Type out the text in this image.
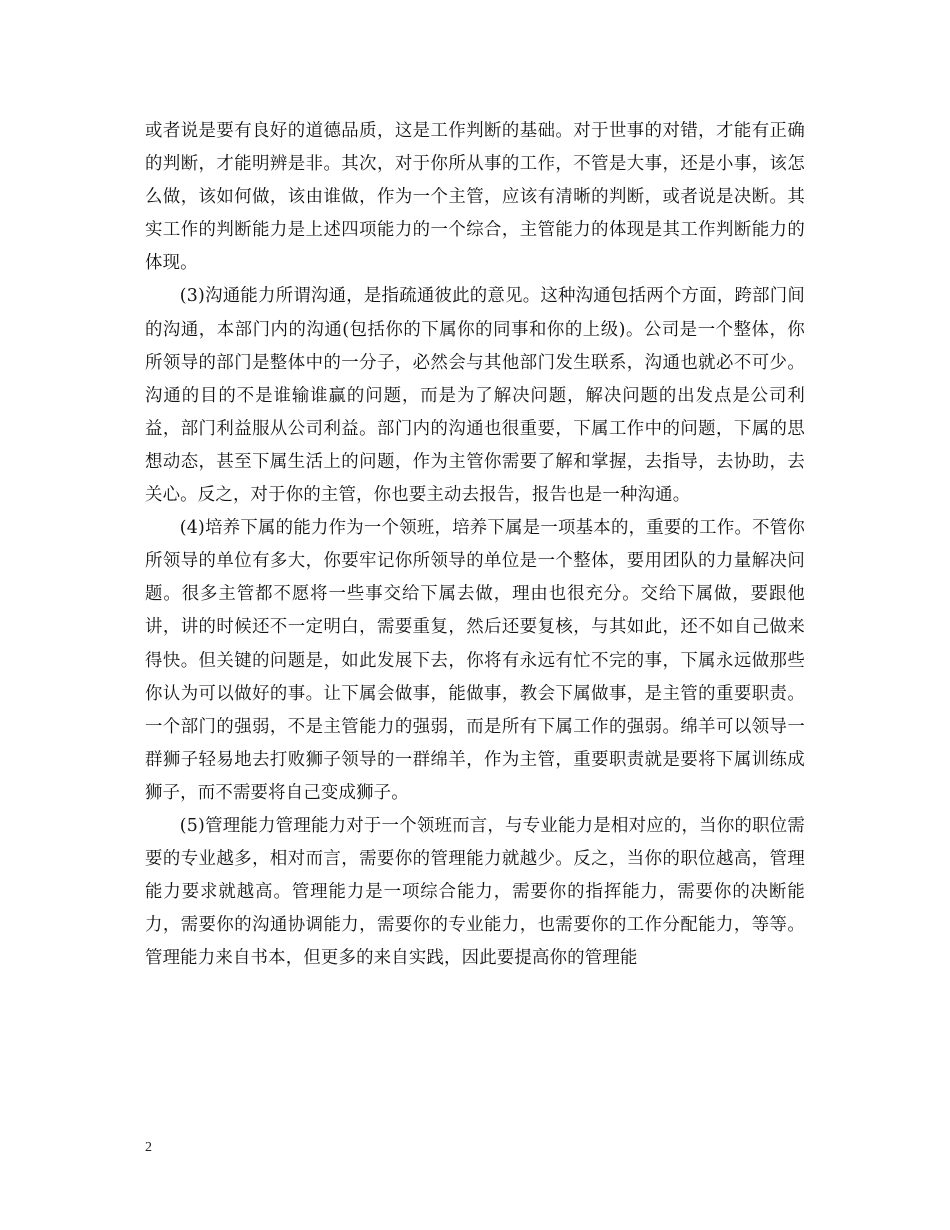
或者说是要有良好的道德品质，这是工作判断的基础。对于世事的对错，才能有正确的判断，才能明辨是非。其次，对于你所从事的工作，不管是大事，还是小事，该怎么做，该如何做，该由谁做，作为一个主管，应该有清晰的判断，或者说是决断。其实工作的判断能力是上述四项能力的一个综合，主管能力的体现是其工作判断能力的体现。

(3)沟通能力所谓沟通，是指疏通彼此的意见。这种沟通包括两个方面，跨部门间的沟通，本部门内的沟通(包括你的下属你的同事和你的上级)。公司是一个整体，你所领导的部门是整体中的一分子，必然会与其他部门发生联系，沟通也就必不可少。沟通的目的不是谁输谁赢的问题，而是为了解决问题，解决问题的出发点是公司利益，部门利益服从公司利益。部门内的沟通也很重要，下属工作中的问题，下属的思想动态，甚至下属生活上的问题，作为主管你需要了解和掌握，去指导，去协助，去关心。反之，对于你的主管，你也要主动去报告，报告也是一种沟通。

(4)培养下属的能力作为一个领班，培养下属是一项基本的，重要的工作。不管你所领导的单位有多大，你要牢记你所领导的单位是一个整体，要用团队的力量解决问题。很多主管都不愿将一些事交给下属去做，理由也很充分。交给下属做，要跟他讲，讲的时候还不一定明白，需要重复，然后还要复核，与其如此，还不如自己做来得快。但关键的问题是，如此发展下去，你将有永远有忙不完的事，下属永远做那些你认为可以做好的事。让下属会做事，能做事，教会下属做事，是主管的重要职责。一个部门的强弱，不是主管能力的强弱，而是所有下属工作的强弱。绵羊可以领导一群狮子轻易地去打败狮子领导的一群绵羊，作为主管，重要职责就是要将下属训练成狮子，而不需要将自己变成狮子。

(5)管理能力管理能力对于一个领班而言，与专业能力是相对应的，当你的职位需要的专业越多，相对而言，需要你的管理能力就越少。反之，当你的职位越高，管理能力要求就越高。管理能力是一项综合能力，需要你的指挥能力，需要你的决断能力，需要你的沟通协调能力，需要你的专业能力，也需要你的工作分配能力，等等。管理能力来自书本，但更多的来自实践，因此要提高你的管理能

2
